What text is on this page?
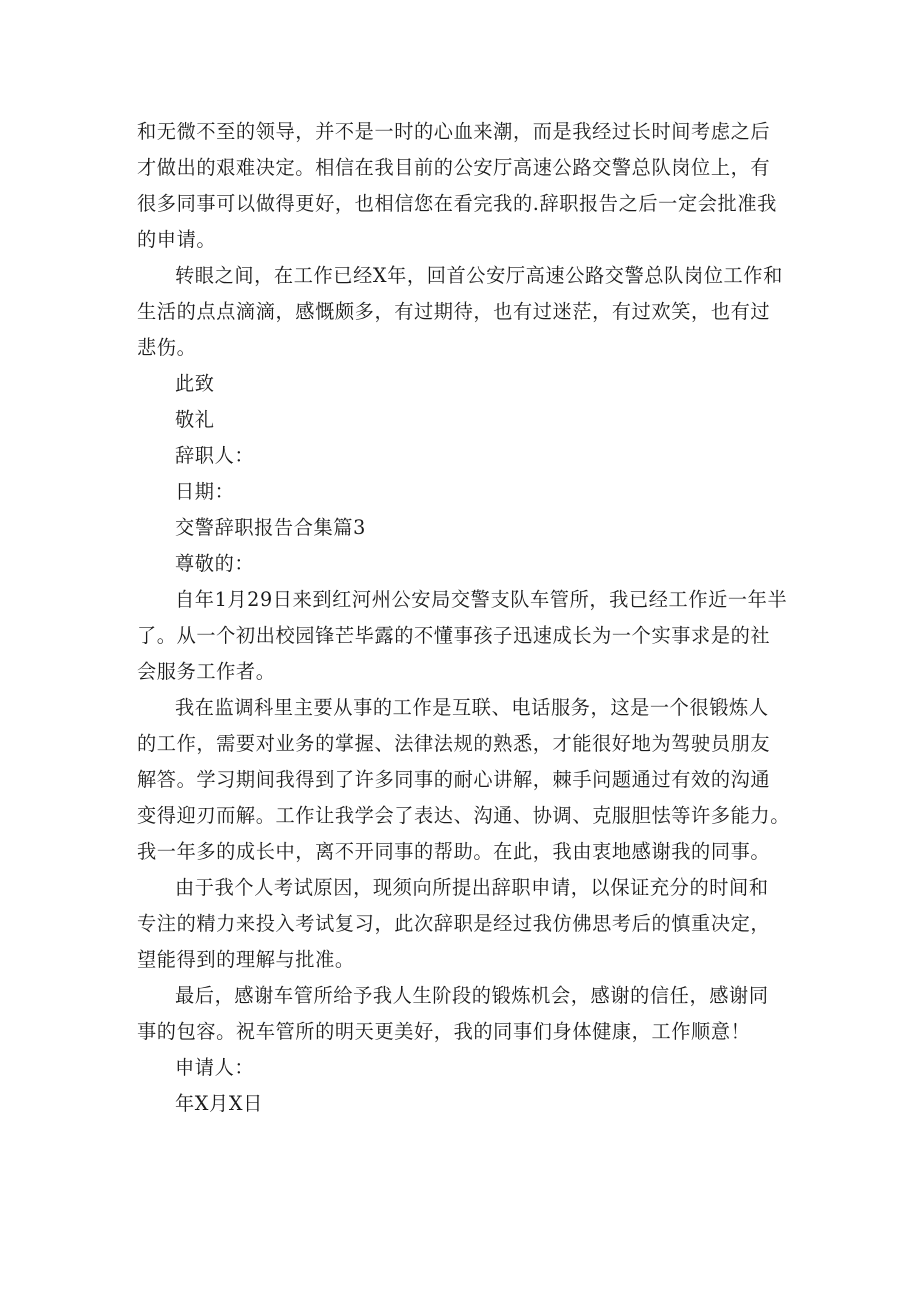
和无微不至的领导，并不是一时的心血来潮，而是我经过长时间考虑之后
才做出的艰难决定。相信在我目前的公安厅高速公路交警总队岗位上，有
很多同事可以做得更好，也相信您在看完我的.辞职报告之后一定会批准我
的申请。
转眼之间，在工作已经X年，回首公安厅高速公路交警总队岗位工作和
生活的点点滴滴，感慨颇多，有过期待，也有过迷茫，有过欢笑，也有过
悲伤。
此致
敬礼
辞职人：
日期：
交警辞职报告合集篇3
尊敬的：
自年1月29日来到红河州公安局交警支队车管所，我已经工作近一年半
了。从一个初出校园锋芒毕露的不懂事孩子迅速成长为一个实事求是的社
会服务工作者。
我在监调科里主要从事的工作是互联、电话服务，这是一个很锻炼人
的工作，需要对业务的掌握、法律法规的熟悉，才能很好地为驾驶员朋友
解答。学习期间我得到了许多同事的耐心讲解，棘手问题通过有效的沟通
变得迎刃而解。工作让我学会了表达、沟通、协调、克服胆怯等许多能力。
我一年多的成长中，离不开同事的帮助。在此，我由衷地感谢我的同事。
由于我个人考试原因，现须向所提出辞职申请，以保证充分的时间和
专注的精力来投入考试复习，此次辞职是经过我仿佛思考后的慎重决定，
望能得到的理解与批准。
最后，感谢车管所给予我人生阶段的锻炼机会，感谢的信任，感谢同
事的包容。祝车管所的明天更美好，我的同事们身体健康，工作顺意！
申请人：
年X月X日
